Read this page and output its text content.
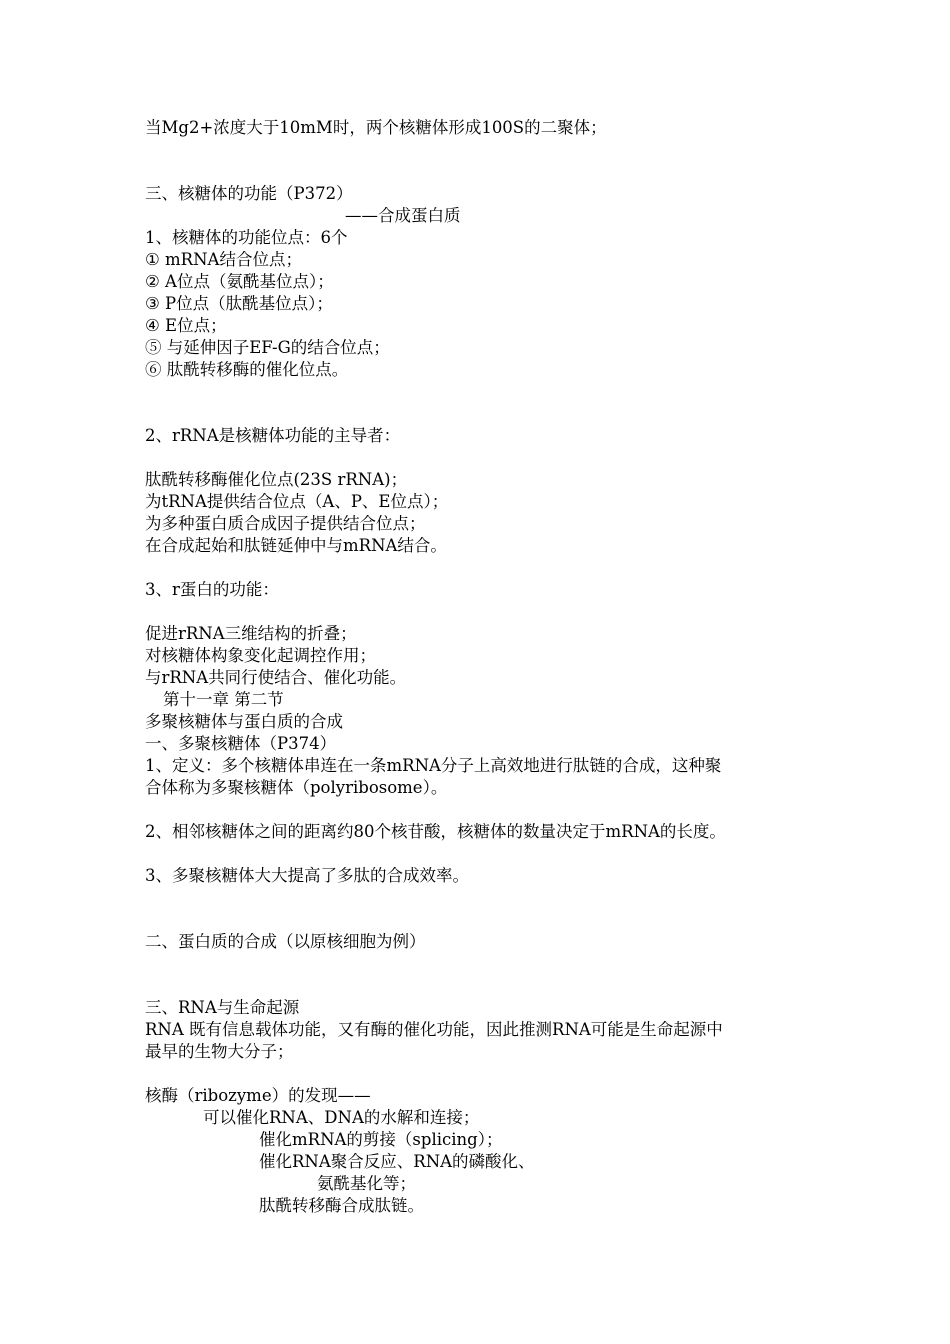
当Mg2+浓度大于10mM时，两个核糖体形成100S的二聚体；
三、核糖体的功能（P372）
——合成蛋白质
1、核糖体的功能位点：6个
① mRNA结合位点；
② A位点（氨酰基位点）；
③ P位点（肽酰基位点）；
④ E位点；
⑤ 与延伸因子EF-G的结合位点；
⑥ 肽酰转移酶的催化位点。
2、rRNA是核糖体功能的主导者：
肽酰转移酶催化位点(23S rRNA)；
为tRNA提供结合位点（A、P、E位点）；
为多种蛋白质合成因子提供结合位点；
在合成起始和肽链延伸中与mRNA结合。
3、r蛋白的功能：
促进rRNA三维结构的折叠；
对核糖体构象变化起调控作用；
与rRNA共同行使结合、催化功能。
第十一章 第二节
多聚核糖体与蛋白质的合成
一、多聚核糖体（P374）
1、定义：多个核糖体串连在一条mRNA分子上高效地进行肽链的合成，这种聚
合体称为多聚核糖体（polyribosome）。
2、相邻核糖体之间的距离约80个核苷酸，核糖体的数量决定于mRNA的长度。
3、多聚核糖体大大提高了多肽的合成效率。
二、蛋白质的合成（以原核细胞为例）
三、RNA与生命起源
RNA 既有信息载体功能，又有酶的催化功能，因此推测RNA可能是生命起源中
最早的生物大分子；
核酶（ribozyme）的发现——
可以催化RNA、DNA的水解和连接；
催化mRNA的剪接（splicing）；
催化RNA聚合反应、RNA的磷酸化、
氨酰基化等；
肽酰转移酶合成肽链。
